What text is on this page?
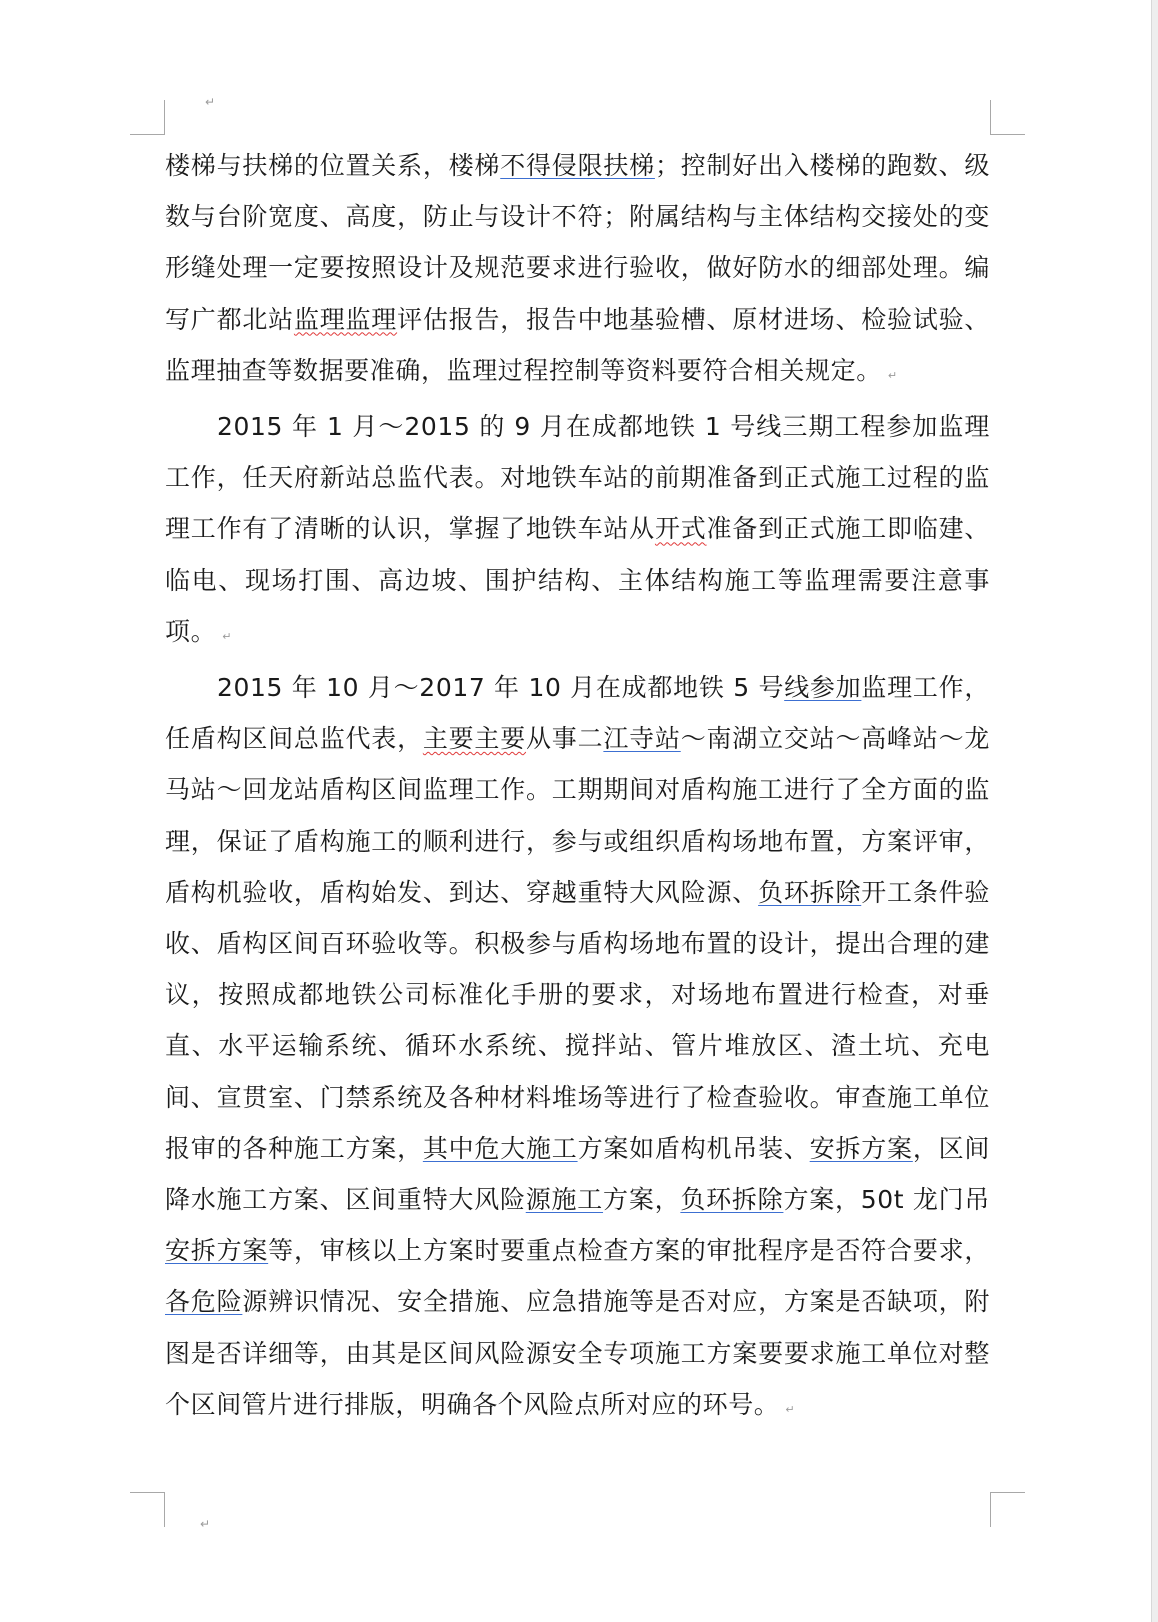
↵

楼梯与扶梯的位置关系，楼梯不得侵限扶梯；控制好出入楼梯的跑数、级数与台阶宽度、高度，防止与设计不符；附属结构与主体结构交接处的变形缝处理一定要按照设计及规范要求进行验收，做好防水的细部处理。编写广都北站监理监理评估报告，报告中地基验槽、原材进场、检验试验、监理抽查等数据要准确，监理过程控制等资料要符合相关规定。 ↵

2015 年 1 月～2015 的 9 月在成都地铁 1 号线三期工程参加监理工作，任天府新站总监代表。对地铁车站的前期准备到正式施工过程的监理工作有了清晰的认识，掌握了地铁车站从开式准备到正式施工即临建、临电、现场打围、高边坡、围护结构、主体结构施工等监理需要注意事项。 ↵

2015 年 10 月～2017 年 10 月在成都地铁 5 号线参加监理工作，任盾构区间总监代表，主要主要从事二江寺站～南湖立交站～高峰站～龙马站～回龙站盾构区间监理工作。工期期间对盾构施工进行了全方面的监理，保证了盾构施工的顺利进行，参与或组织盾构场地布置，方案评审，盾构机验收，盾构始发、到达、穿越重特大风险源、负环拆除开工条件验收、盾构区间百环验收等。积极参与盾构场地布置的设计，提出合理的建议，按照成都地铁公司标准化手册的要求，对场地布置进行检查，对垂直、水平运输系统、循环水系统、搅拌站、管片堆放区、渣土坑、充电间、宣贯室、门禁系统及各种材料堆场等进行了检查验收。审查施工单位报审的各种施工方案，其中危大施工方案如盾构机吊装、安拆方案，区间降水施工方案、区间重特大风险源施工方案，负环拆除方案，50t 龙门吊安拆方案等，审核以上方案时要重点检查方案的审批程序是否符合要求，各危险源辨识情况、安全措施、应急措施等是否对应，方案是否缺项，附图是否详细等，由其是区间风险源安全专项施工方案要要求施工单位对整个区间管片进行排版，明确各个风险点所对应的环号。 ↵

↵
